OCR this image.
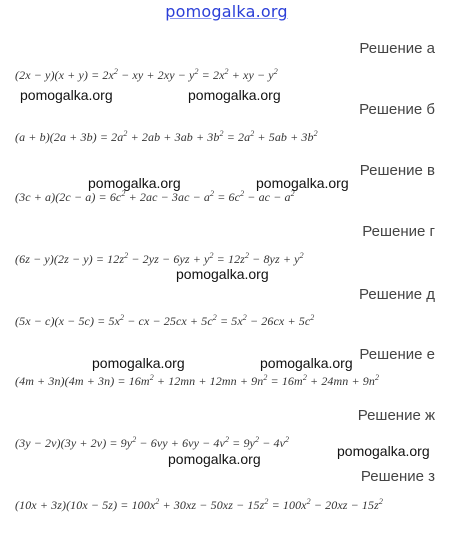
pomogalka.org
Решение а
$(2x - y)(x + y) = 2x^2$ − xy + $2xy - y^2 = 2x^2$ + xy − $y^2$
pomogalka.org	pomogalka.org
Решение б
$(a + b)(2a + 3b) = 2a^2 + 2ab + 3ab + 3b^2 = 2a^2 + 5ab + 3b^2$
pomogalka.org	pomogalka.org
Решение в
$(3c + a)(2c - a) = 6c^2 + 2ac - 3ac - a^2 = 6c^2$ − ac − $a^2$
Решение г
$(6z - y)(2z - y) = 12z^2 - 2yz - 6yz + y^2 = 12z^2 - 8yz + y^2$
pomogalka.org
Решение д
$(5x - c)(x - 5c) = 5x^2$ − cx − $25cx + 5c^2 = 5x^2 - 26cx + 5c^2$
pomogalka.org	pomogalka.org Решение е
$(4m + 3n)(4m + 3n) = 16m^2 + 12mn + 12mn + 9n^2 = 16m^2 + 24mn + 9n^2$
Решение ж
$(3y - 2v)(3y + 2v) = 9y^2 - 6vy + 6vy - 4v^2 = 9y^2 - 4v^2$
pomogalka.org
pomogalka.org
Решение з
$(10x + 3z)(10x - 5z) = 100x^2 + 30xz - 50xz - 15z^2 = 100x^2 - 20xz - 15z^2$
